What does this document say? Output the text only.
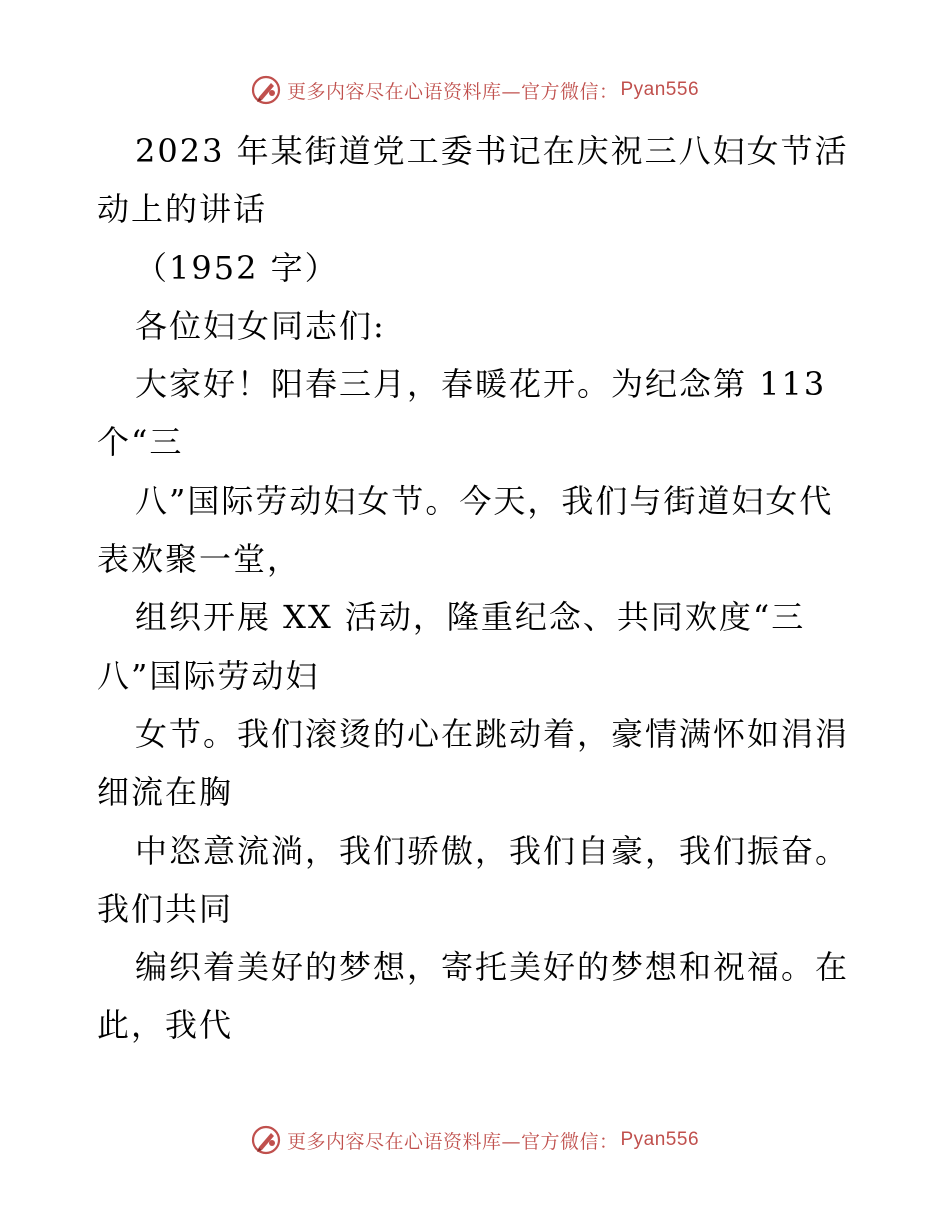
更多内容尽在心语资料库—官方微信： Pyan556
2023 年某街道党工委书记在庆祝三八妇女节活
动上的讲话
（1952 字）
各位妇女同志们:
大家好！阳春三月，春暖花开。为纪念第 113
个“三
八”国际劳动妇女节。今天，我们与街道妇女代
表欢聚一堂，
组织开展 XX 活动，隆重纪念、共同欢度“三
八”国际劳动妇
女节。我们滚烫的心在跳动着，豪情满怀如涓涓
细流在胸
中恣意流淌，我们骄傲，我们自豪，我们振奋。
我们共同
编织着美好的梦想，寄托美好的梦想和祝福。在
此，我代
更多内容尽在心语资料库—官方微信： Pyan556
